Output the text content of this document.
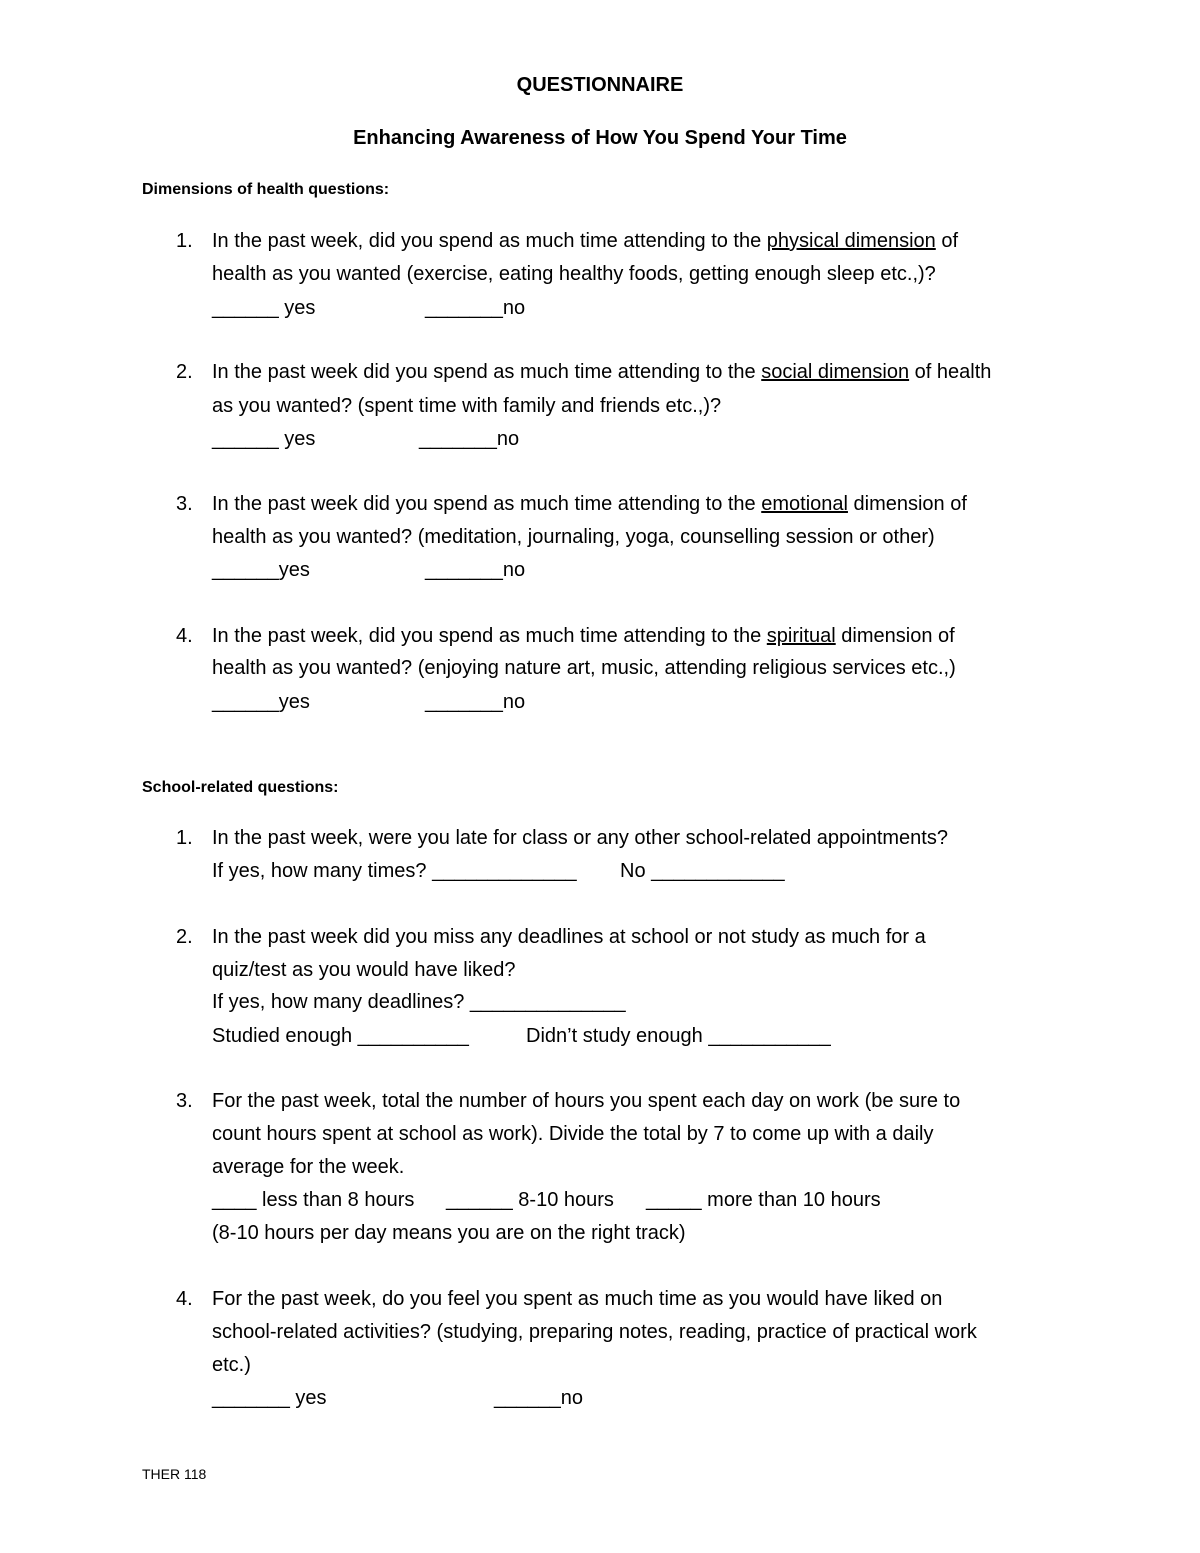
QUESTIONNAIRE
Enhancing Awareness of How You Spend Your Time
Dimensions of health questions:
1. In the past week, did you spend as much time attending to the physical dimension of
health as you wanted (exercise, eating healthy foods, getting enough sleep etc.,)?
______ yes	_______no
2. In the past week did you spend as much time attending to the social dimension of health
as you wanted? (spent time with family and friends etc.,)?
______ yes	_______no
3. In the past week did you spend as much time attending to the emotional dimension of
health as you wanted? (meditation, journaling, yoga, counselling session or other)
______yes	_______no
4. In the past week, did you spend as much time attending to the spiritual dimension of
health as you wanted? (enjoying nature art, music, attending religious services etc.,)
______yes	_______no
School-related questions:
1. In the past week, were you late for class or any other school-related appointments?
If yes, how many times? _____________ No ____________
2. In the past week did you miss any deadlines at school or not study as much for a
quiz/test as you would have liked?
If yes, how many deadlines? ______________
Studied enough __________	Didn’t study enough ___________
3. For the past week, total the number of hours you spent each day on work (be sure to
count hours spent at school as work). Divide the total by 7 to come up with a daily
average for the week.
____ less than 8 hours ______ 8-10 hours _____ more than 10 hours
(8-10 hours per day means you are on the right track)
4. For the past week, do you feel you spent as much time as you would have liked on
school-related activities? (studying, preparing notes, reading, practice of practical work
etc.)
_______ yes	______no
THER 118
